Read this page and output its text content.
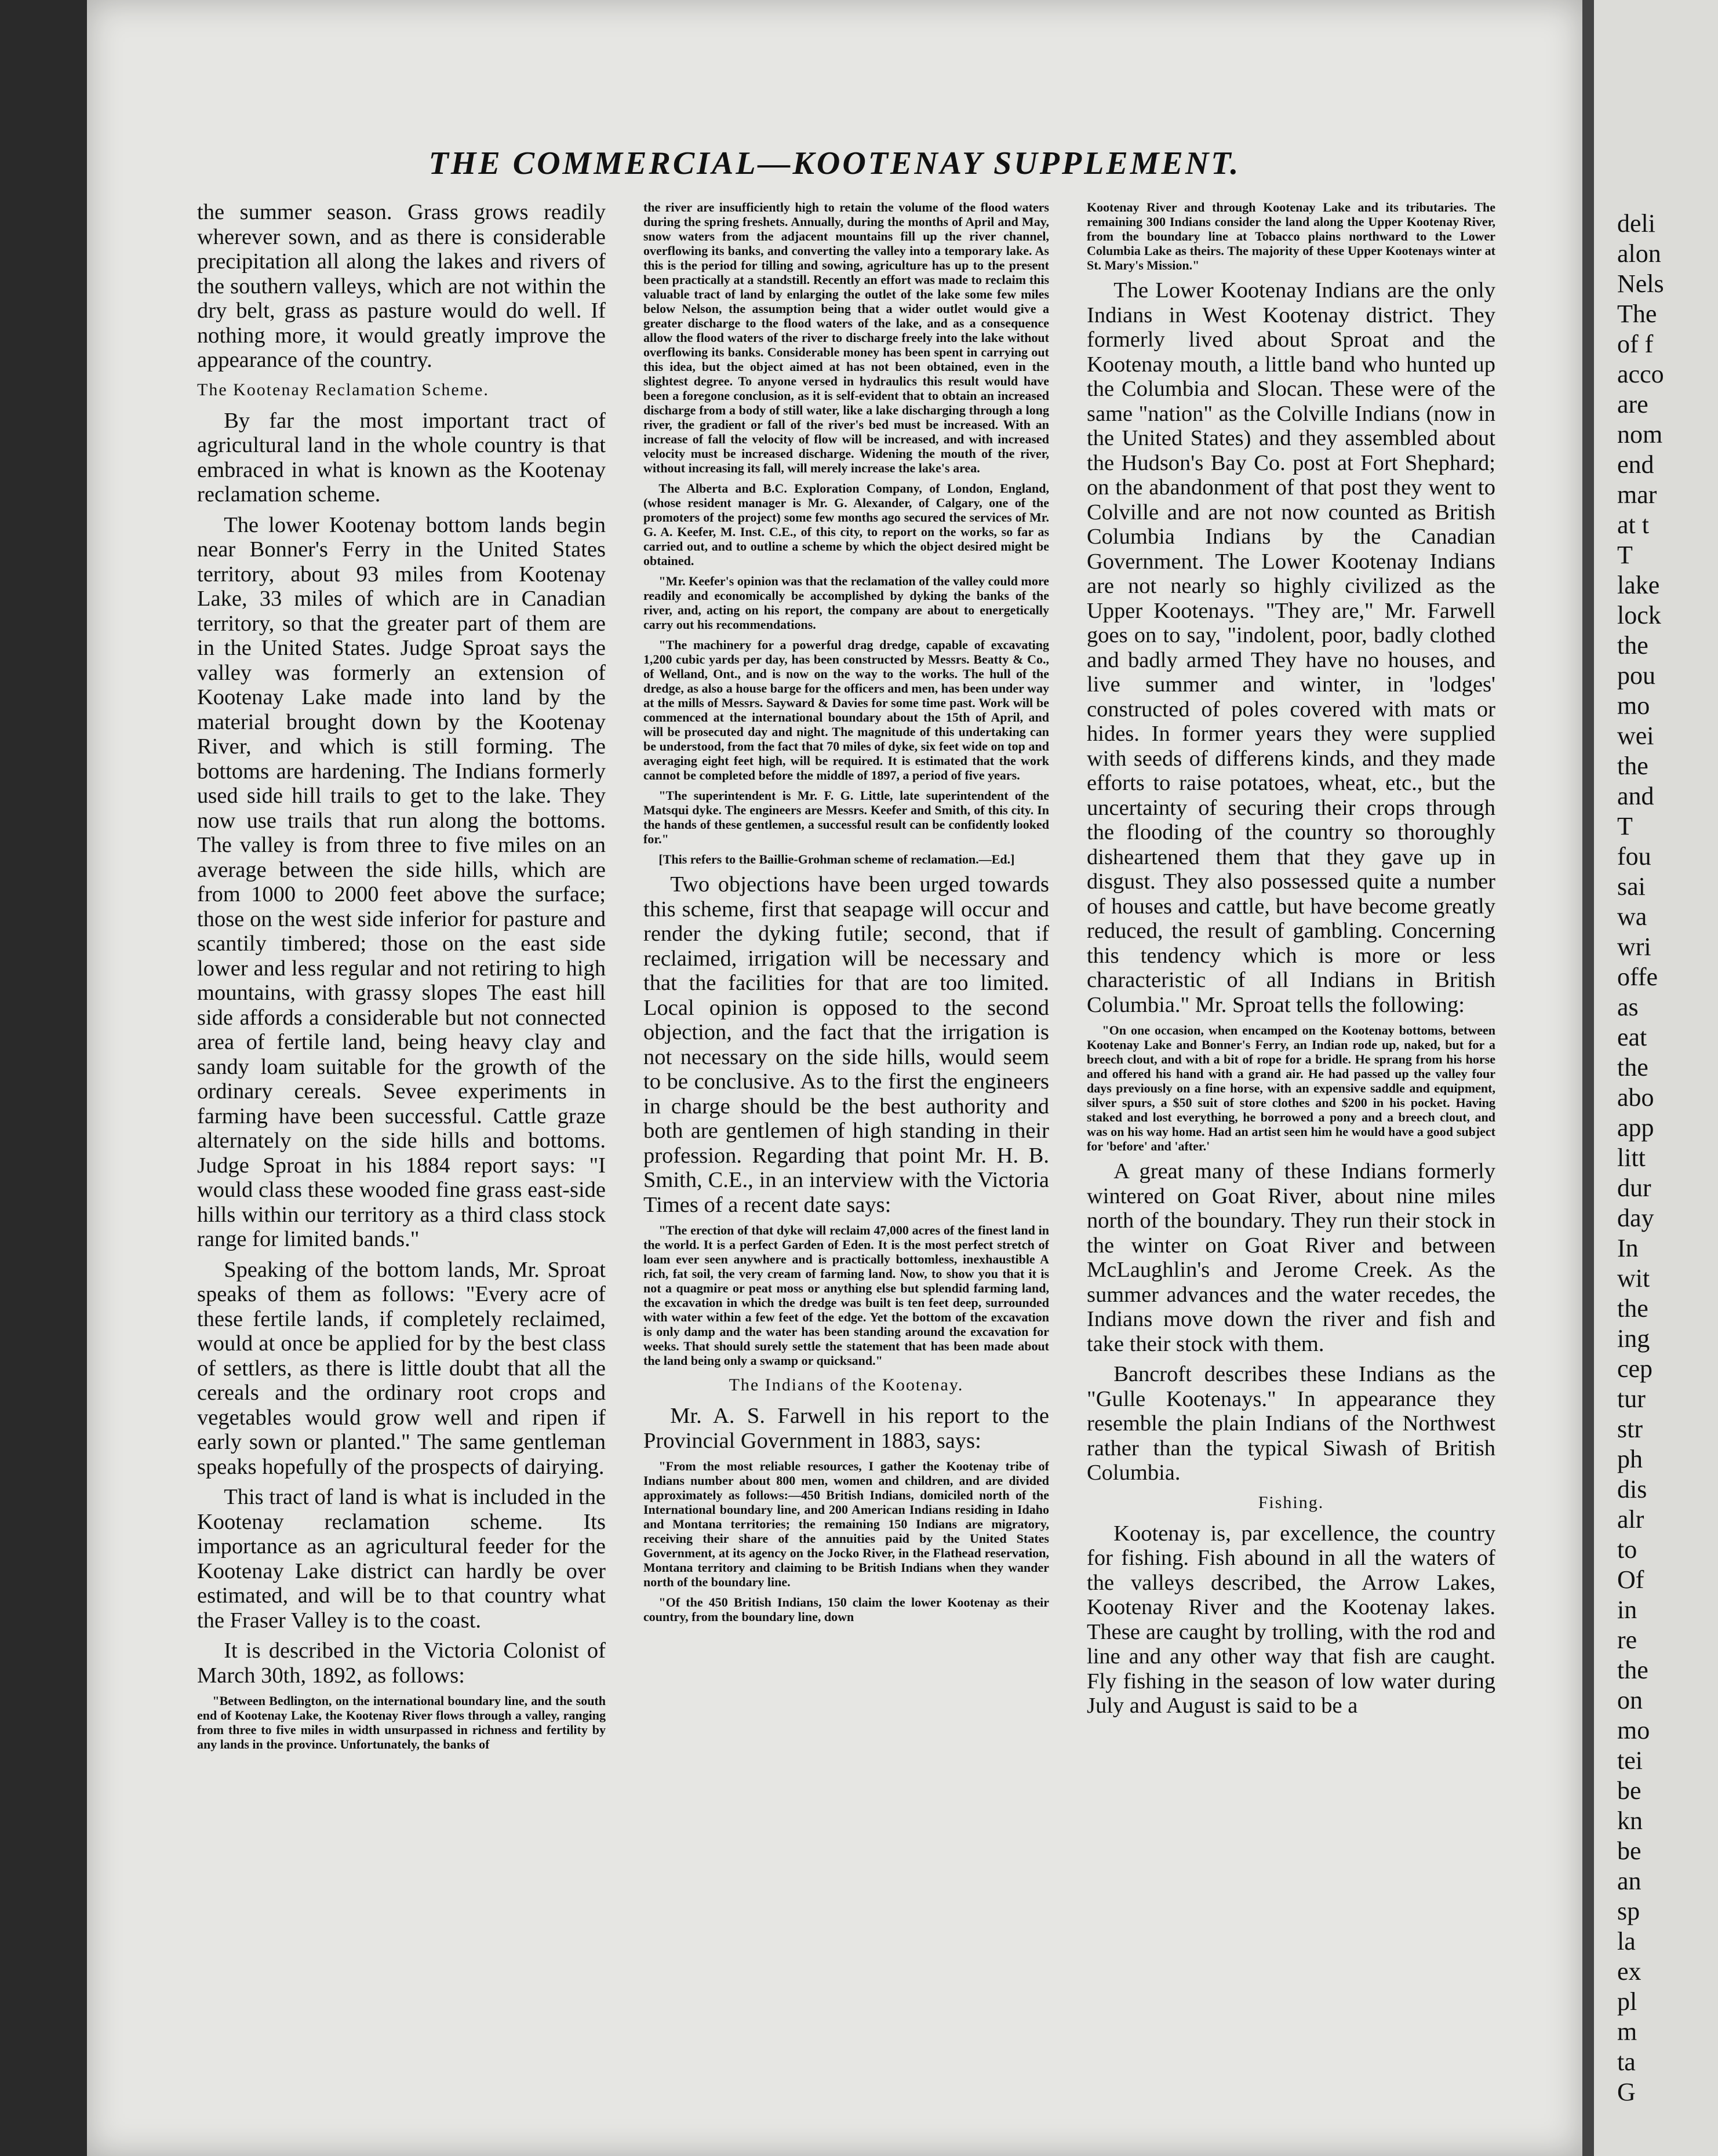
deli
alon
Nels
The
of f
acco
are
nom
end
mar
at t
T
lake
lock
the
pou
mo
wei
the
and
T
fou
sai
wa
wri
offe
as
eat
the
abo
app
litt
dur
day
In
wit
the
ing
cep
tur
str
ph
dis
alr
to
Of
in
re
the
on
mo
tei
be
kn
be
an
sp
la
ex
pl
m
ta
G
THE COMMERCIAL—KOOTENAY SUPPLEMENT.

the summer season. Grass grows readily wherever sown, and as there is considerable precipitation all along the lakes and rivers of the southern valleys, which are not within the dry belt, grass as pasture would do well. If nothing more, it would greatly improve the appearance of the country.

The Kootenay Reclamation Scheme.

By far the most important tract of agricultural land in the whole country is that embraced in what is known as the Kootenay reclamation scheme.

The lower Kootenay bottom lands begin near Bonner's Ferry in the United States territory, about 93 miles from Kootenay Lake, 33 miles of which are in Canadian territory, so that the greater part of them are in the United States. Judge Sproat says the valley was formerly an extension of Kootenay Lake made into land by the material brought down by the Kootenay River, and which is still forming. The bottoms are hardening. The Indians formerly used side hill trails to get to the lake. They now use trails that run along the bottoms. The valley is from three to five miles on an average between the side hills, which are from 1000 to 2000 feet above the surface; those on the west side inferior for pasture and scantily timbered; those on the east side lower and less regular and not retiring to high mountains, with grassy slopes The east hill side affords a considerable but not connected area of fertile land, being heavy clay and sandy loam suitable for the growth of the ordinary cereals. Sevee experiments in farming have been successful. Cattle graze alternately on the side hills and bottoms. Judge Sproat in his 1884 report says: "I would class these wooded fine grass east-side hills within our territory as a third class stock range for limited bands."

Speaking of the bottom lands, Mr. Sproat speaks of them as follows: "Every acre of these fertile lands, if completely reclaimed, would at once be applied for by the best class of settlers, as there is little doubt that all the cereals and the ordinary root crops and vegetables would grow well and ripen if early sown or planted." The same gentleman speaks hopefully of the prospects of dairying.

This tract of land is what is included in the Kootenay reclamation scheme. Its importance as an agricultural feeder for the Kootenay Lake district can hardly be over estimated, and will be to that country what the Fraser Valley is to the coast.

It is described in the Victoria Colonist of March 30th, 1892, as follows:

"Between Bedlington, on the international boundary line, and the south end of Kootenay Lake, the Kootenay River flows through a valley, ranging from three to five miles in width unsurpassed in richness and fertility by any lands in the province. Unfortunately, the banks of

the river are insufficiently high to retain the volume of the flood waters during the spring freshets. Annually, during the months of April and May, snow waters from the adjacent mountains fill up the river channel, overflowing its banks, and converting the valley into a temporary lake. As this is the period for tilling and sowing, agriculture has up to the present been practically at a standstill. Recently an effort was made to reclaim this valuable tract of land by enlarging the outlet of the lake some few miles below Nelson, the assumption being that a wider outlet would give a greater discharge to the flood waters of the lake, and as a consequence allow the flood waters of the river to discharge freely into the lake without overflowing its banks. Considerable money has been spent in carrying out this idea, but the object aimed at has not been obtained, even in the slightest degree. To anyone versed in hydraulics this result would have been a foregone conclusion, as it is self-evident that to obtain an increased discharge from a body of still water, like a lake discharging through a long river, the gradient or fall of the river's bed must be increased. With an increase of fall the velocity of flow will be increased, and with increased velocity must be increased discharge. Widening the mouth of the river, without increasing its fall, will merely increase the lake's area.

The Alberta and B.C. Exploration Company, of London, England, (whose resident manager is Mr. G. Alexander, of Calgary, one of the promoters of the project) some few months ago secured the services of Mr. G. A. Keefer, M. Inst. C.E., of this city, to report on the works, so far as carried out, and to outline a scheme by which the object desired might be obtained.

"Mr. Keefer's opinion was that the reclamation of the valley could more readily and economically be accomplished by dyking the banks of the river, and, acting on his report, the company are about to energetically carry out his recommendations.

"The machinery for a powerful drag dredge, capable of excavating 1,200 cubic yards per day, has been constructed by Messrs. Beatty & Co., of Welland, Ont., and is now on the way to the works. The hull of the dredge, as also a house barge for the officers and men, has been under way at the mills of Messrs. Sayward & Davies for some time past. Work will be commenced at the international boundary about the 15th of April, and will be prosecuted day and night. The magnitude of this undertaking can be understood, from the fact that 70 miles of dyke, six feet wide on top and averaging eight feet high, will be required. It is estimated that the work cannot be completed before the middle of 1897, a period of five years.

"The superintendent is Mr. F. G. Little, late superintendent of the Matsqui dyke. The engineers are Messrs. Keefer and Smith, of this city. In the hands of these gentlemen, a successful result can be confidently looked for."

[This refers to the Baillie-Grohman scheme of reclamation.—Ed.]

Two objections have been urged towards this scheme, first that seapage will occur and render the dyking futile; second, that if reclaimed, irrigation will be necessary and that the facilities for that are too limited. Local opinion is opposed to the second objection, and the fact that the irrigation is not necessary on the side hills, would seem to be conclusive. As to the first the engineers in charge should be the best authority and both are gentlemen of high standing in their profession. Regarding that point Mr. H. B. Smith, C.E., in an interview with the Victoria Times of a recent date says:

"The erection of that dyke will reclaim 47,000 acres of the finest land in the world. It is a perfect Garden of Eden. It is the most perfect stretch of loam ever seen anywhere and is practically bottomless, inexhaustible A rich, fat soil, the very cream of farming land. Now, to show you that it is not a quagmire or peat moss or anything else but splendid farming land, the excavation in which the dredge was built is ten feet deep, surrounded with water within a few feet of the edge. Yet the bottom of the excavation is only damp and the water has been standing around the excavation for weeks. That should surely settle the statement that has been made about the land being only a swamp or quicksand."

The Indians of the Kootenay.

Mr. A. S. Farwell in his report to the Provincial Government in 1883, says:

"From the most reliable resources, I gather the Kootenay tribe of Indians number about 800 men, women and children, and are divided approximately as follows:—450 British Indians, domiciled north of the International boundary line, and 200 American Indians residing in Idaho and Montana territories; the remaining 150 Indians are migratory, receiving their share of the annuities paid by the United States Government, at its agency on the Jocko River, in the Flathead reservation, Montana territory and claiming to be British Indians when they wander north of the boundary line.

"Of the 450 British Indians, 150 claim the lower Kootenay as their country, from the boundary line, down

Kootenay River and through Kootenay Lake and its tributaries. The remaining 300 Indians consider the land along the Upper Kootenay River, from the boundary line at Tobacco plains northward to the Lower Columbia Lake as theirs. The majority of these Upper Kootenays winter at St. Mary's Mission."

The Lower Kootenay Indians are the only Indians in West Kootenay district. They formerly lived about Sproat and the Kootenay mouth, a little band who hunted up the Columbia and Slocan. These were of the same "nation" as the Colville Indians (now in the United States) and they assembled about the Hudson's Bay Co. post at Fort Shephard; on the abandonment of that post they went to Colville and are not now counted as British Columbia Indians by the Canadian Government. The Lower Kootenay Indians are not nearly so highly civilized as the Upper Kootenays. "They are," Mr. Farwell goes on to say, "indolent, poor, badly clothed and badly armed They have no houses, and live summer and winter, in 'lodges' constructed of poles covered with mats or hides. In former years they were supplied with seeds of differens kinds, and they made efforts to raise potatoes, wheat, etc., but the uncertainty of securing their crops through the flooding of the country so thoroughly disheartened them that they gave up in disgust. They also possessed quite a number of houses and cattle, but have become greatly reduced, the result of gambling. Concerning this tendency which is more or less characteristic of all Indians in British Columbia." Mr. Sproat tells the following:

"On one occasion, when encamped on the Kootenay bottoms, between Kootenay Lake and Bonner's Ferry, an Indian rode up, naked, but for a breech clout, and with a bit of rope for a bridle. He sprang from his horse and offered his hand with a grand air. He had passed up the valley four days previously on a fine horse, with an expensive saddle and equipment, silver spurs, a $50 suit of store clothes and $200 in his pocket. Having staked and lost everything, he borrowed a pony and a breech clout, and was on his way home. Had an artist seen him he would have a good subject for 'before' and 'after.'

A great many of these Indians formerly wintered on Goat River, about nine miles north of the boundary. They run their stock in the winter on Goat River and between McLaughlin's and Jerome Creek. As the summer advances and the water recedes, the Indians move down the river and fish and take their stock with them.

Bancroft describes these Indians as the "Gulle Kootenays." In appearance they resemble the plain Indians of the Northwest rather than the typical Siwash of British Columbia.

Fishing.

Kootenay is, par excellence, the country for fishing. Fish abound in all the waters of the valleys described, the Arrow Lakes, Kootenay River and the Kootenay lakes. These are caught by trolling, with the rod and line and any other way that fish are caught. Fly fishing in the season of low water during July and August is said to be a
